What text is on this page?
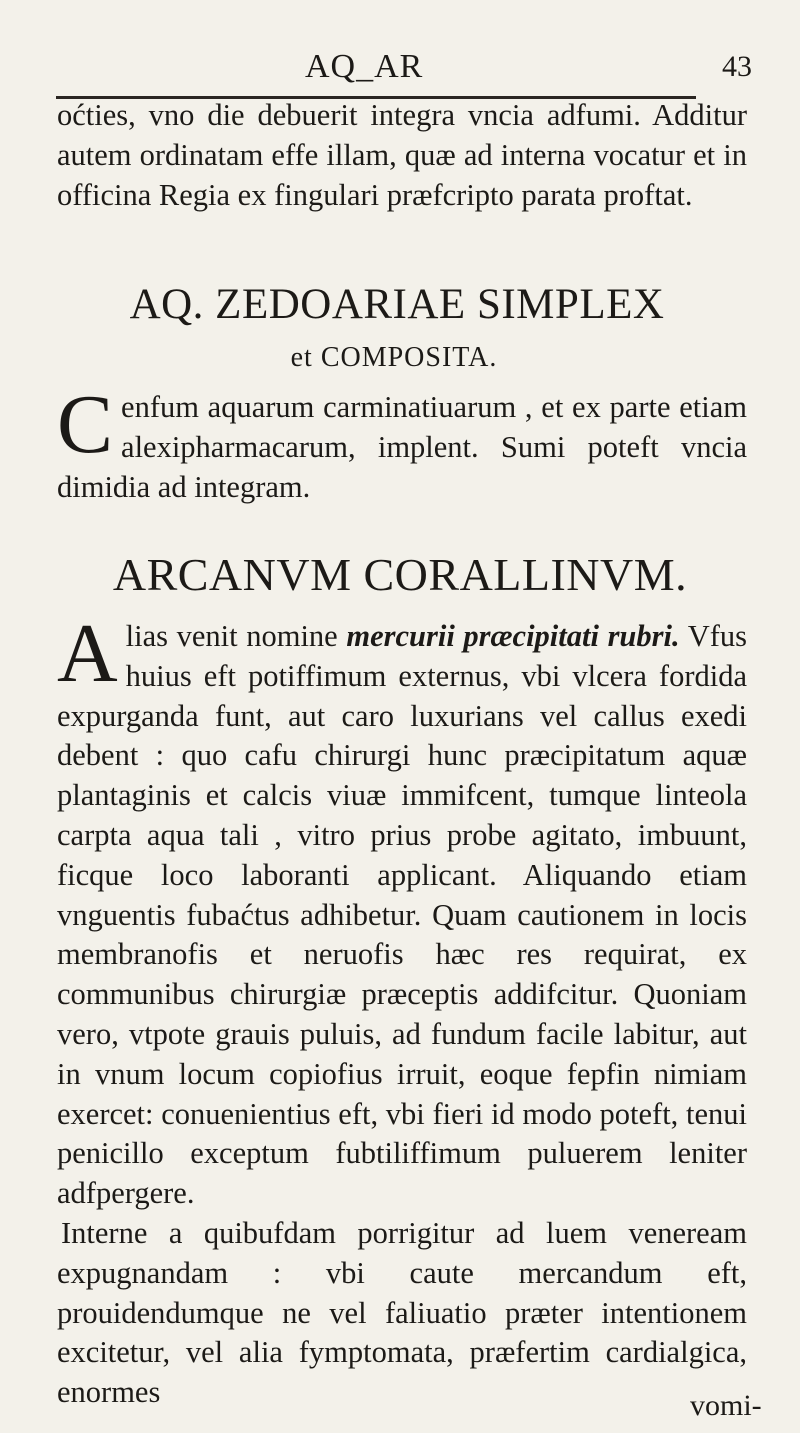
AQ_AR	43

oćties, vno die debuerit integra vncia adfumi. Additur autem ordinatam effe illam, quæ ad interna vocatur et in officina Regia ex fingulari præfcripto parata proftat.

AQ. ZEDOARIAE SIMPLEX
et COMPOSITA.
Cenfum aquarum carminatiuarum , et ex parte etiam alexipharmacarum, implent. Sumi poteft vncia dimidia ad integram.
ARCANVM CORALLINVM.
Alias venit nomine mercurii præcipitati rubri. Vfus huius eft potiffimum externus, vbi vlcera fordida expurganda funt, aut caro luxurians vel callus exedi debent : quo cafu chirurgi hunc præcipitatum aquæ plantaginis et calcis viuæ immifcent, tumque linteola carpta aqua tali , vitro prius probe agitato, imbuunt, ficque loco laboranti applicant. Aliquando etiam vnguentis fubaćtus adhibetur. Quam cautionem in locis membranofis et neruofis hæc res requirat, ex communibus chirurgiæ præceptis addifcitur. Quoniam vero, vtpote grauis puluis, ad fundum facile labitur, aut in vnum locum copiofius irruit, eoque fepfin nimiam exercet: conuenientius eft, vbi fieri id modo poteft, tenui penicillo exceptum fubtiliffimum puluerem leniter adfpergere.

Interne a quibufdam porrigitur ad luem veneream expugnandam : vbi caute mercandum eft, prouidendumque ne vel faliuatio præter intentionem excitetur, vel alia fymptomata, præfertim cardialgica, enormes	vomi-
